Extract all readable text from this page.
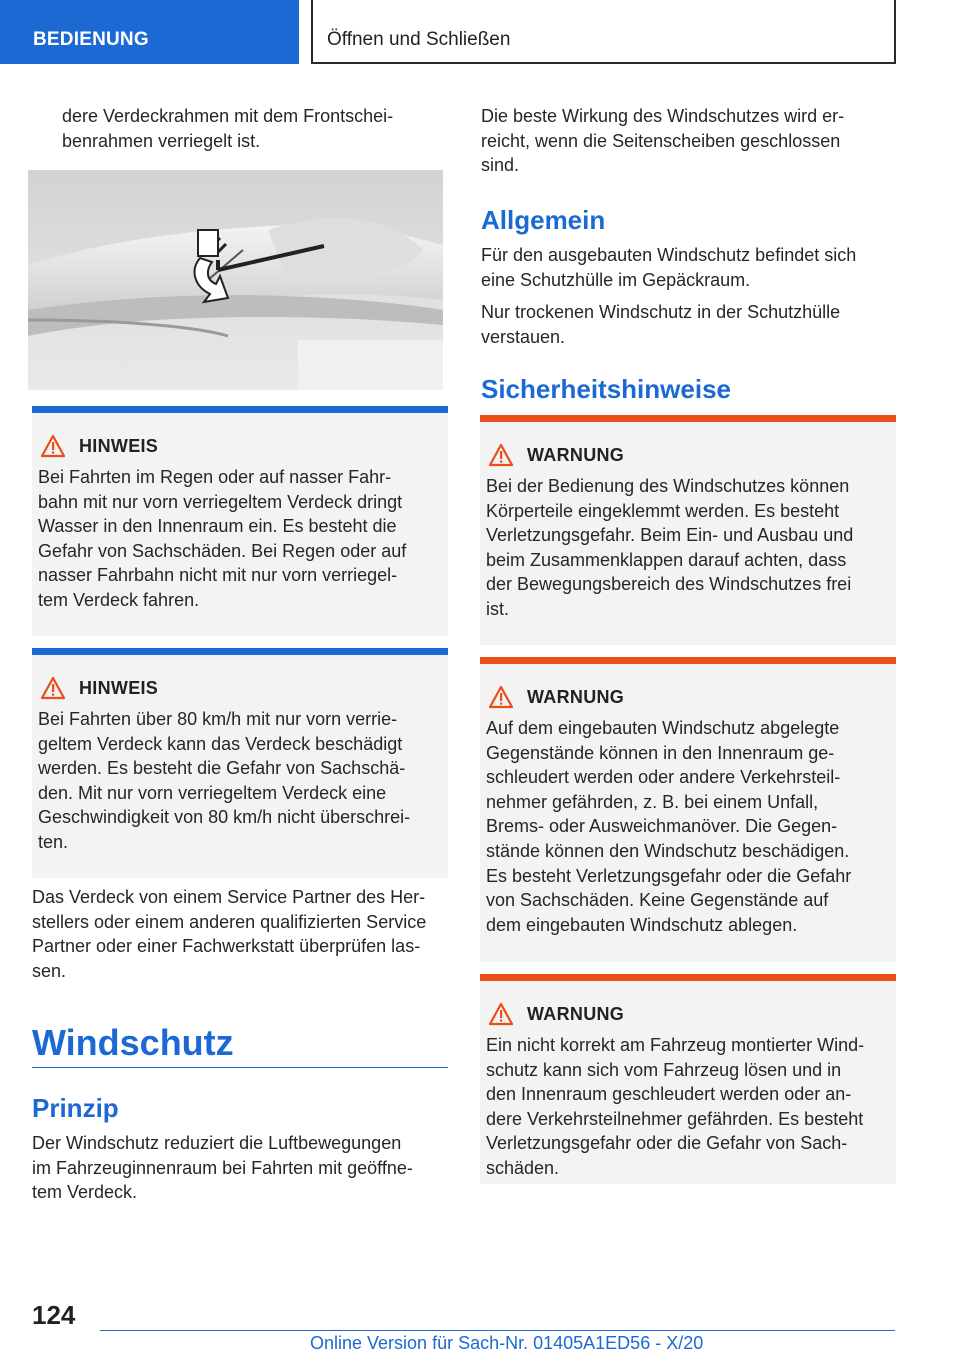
BEDIENUNG	Öffnen und Schließen
dere Verdeckrahmen mit dem Frontschei-
benrahmen verriegelt ist.
HINWEIS
Bei Fahrten im Regen oder auf nasser Fahr-
bahn mit nur vorn verriegeltem Verdeck dringt
Wasser in den Innenraum ein. Es besteht die
Gefahr von Sachschäden. Bei Regen oder auf
nasser Fahrbahn nicht mit nur vorn verriegel-
tem Verdeck fahren.
HINWEIS
Bei Fahrten über 80 km/h mit nur vorn verrie-
geltem Verdeck kann das Verdeck beschädigt
werden. Es besteht die Gefahr von Sachschä-
den. Mit nur vorn verriegeltem Verdeck eine
Geschwindigkeit von 80 km/h nicht überschrei-
ten.
Das Verdeck von einem Service Partner des Her-
stellers oder einem anderen qualifizierten Service
Partner oder einer Fachwerkstatt überprüfen las-
sen.
Windschutz
Prinzip
Der Windschutz reduziert die Luftbewegungen
im Fahrzeuginnenraum bei Fahrten mit geöffne-
tem Verdeck.
Die beste Wirkung des Windschutzes wird er-
reicht, wenn die Seitenscheiben geschlossen
sind.
Allgemein
Für den ausgebauten Windschutz befindet sich
eine Schutzhülle im Gepäckraum.
Nur trockenen Windschutz in der Schutzhülle
verstauen.
Sicherheitshinweise
WARNUNG
Bei der Bedienung des Windschutzes können
Körperteile eingeklemmt werden. Es besteht
Verletzungsgefahr. Beim Ein- und Ausbau und
beim Zusammenklappen darauf achten, dass
der Bewegungsbereich des Windschutzes frei
ist.
WARNUNG
Auf dem eingebauten Windschutz abgelegte
Gegenstände können in den Innenraum ge-
schleudert werden oder andere Verkehrsteil-
nehmer gefährden, z. B. bei einem Unfall,
Brems- oder Ausweichmanöver. Die Gegen-
stände können den Windschutz beschädigen.
Es besteht Verletzungsgefahr oder die Gefahr
von Sachschäden. Keine Gegenstände auf
dem eingebauten Windschutz ablegen.
WARNUNG
Ein nicht korrekt am Fahrzeug montierter Wind-
schutz kann sich vom Fahrzeug lösen und in
den Innenraum geschleudert werden oder an-
dere Verkehrsteilnehmer gefährden. Es besteht
Verletzungsgefahr oder die Gefahr von Sach-
schäden.
124
Online Version für Sach-Nr. 01405A1ED56 - X/20
